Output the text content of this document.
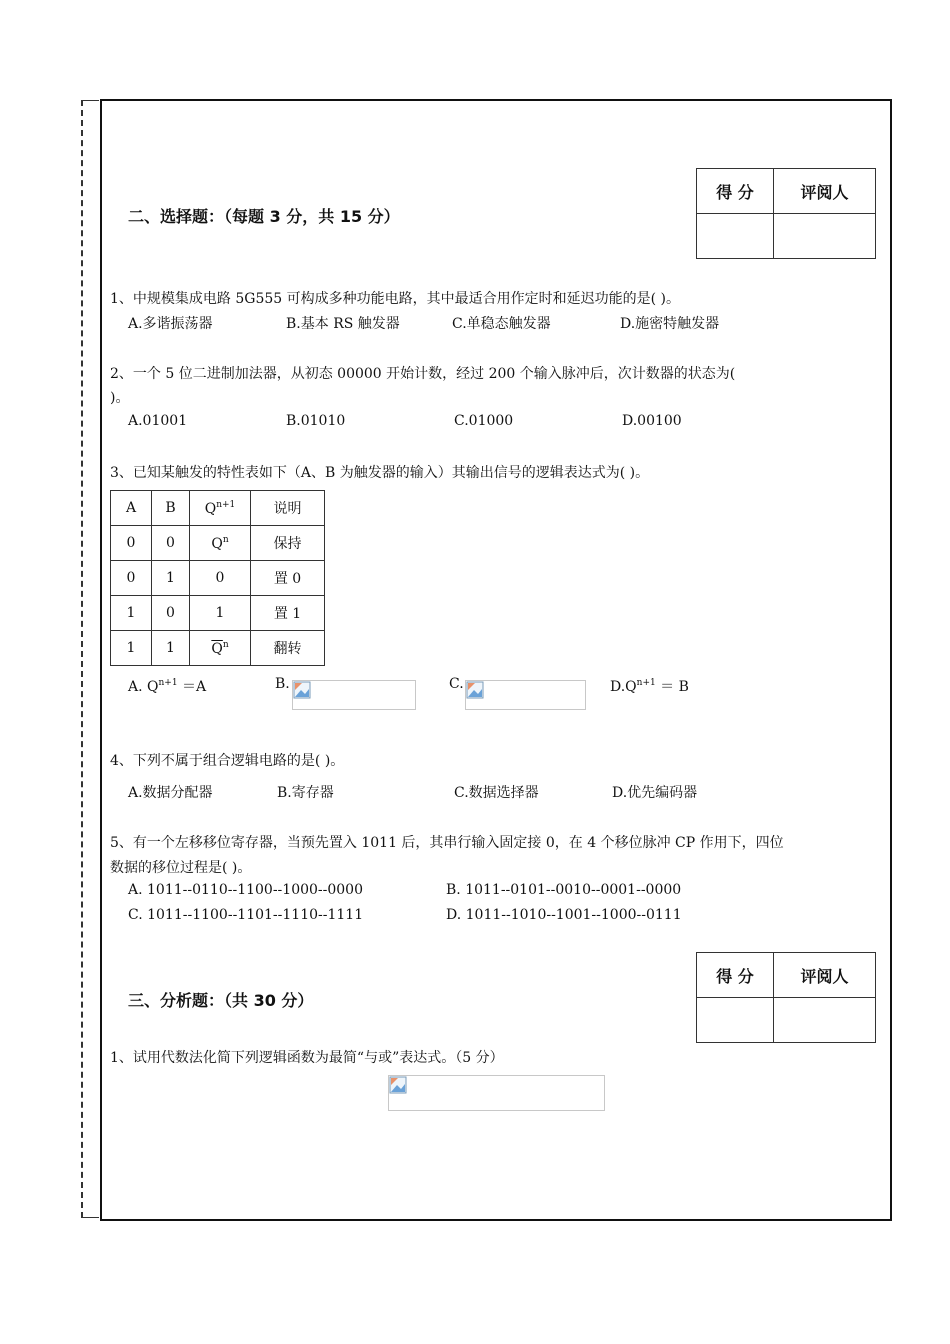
得 分	评阅人

二、选择题：（每题 3 分，共 15 分）
1、中规模集成电路 5G555 可构成多种功能电路，其中最适合用作定时和延迟功能的是( )。
A.多谐振荡器	B.基本 RS 触发器	C.单稳态触发器	D.施密特触发器
2、一个 5 位二进制加法器，从初态 00000 开始计数，经过 200 个输入脉冲后，次计数器的状态为(
)。
A.01001	B.01010	C.01000	D.00100
3、已知某触发的特性表如下（A、B 为触发器的输入）其输出信号的逻辑表达式为( )。
A	B	$Q^{n+1}$	说明
0	0	$Q^n$	保持
0	1	0	置 0
1	0	1	置 1
1	1	$\overline{Q}^n$	翻转
A. $Q^{n+1} =A$	B.	C.	$D.Q^{n+1} = B$
4、下列不属于组合逻辑电路的是( )。
A.数据分配器	B.寄存器	C.数据选择器	D.优先编码器
5、有一个左移移位寄存器，当预先置入 1011 后，其串行输入固定接 0，在 4 个移位脉冲 CP 作用下，四位
数据的移位过程是( )。
A. 1011--0110--1100--1000--0000	B. 1011--0101--0010--0001--0000
C. 1011--1100--1101--1110--1111	D. 1011--1010--1001--1000--0111
得 分	评阅人

三、分析题：（共 30 分）
1、试用代数法化简下列逻辑函数为最简“与或”表达式。（5 分）
